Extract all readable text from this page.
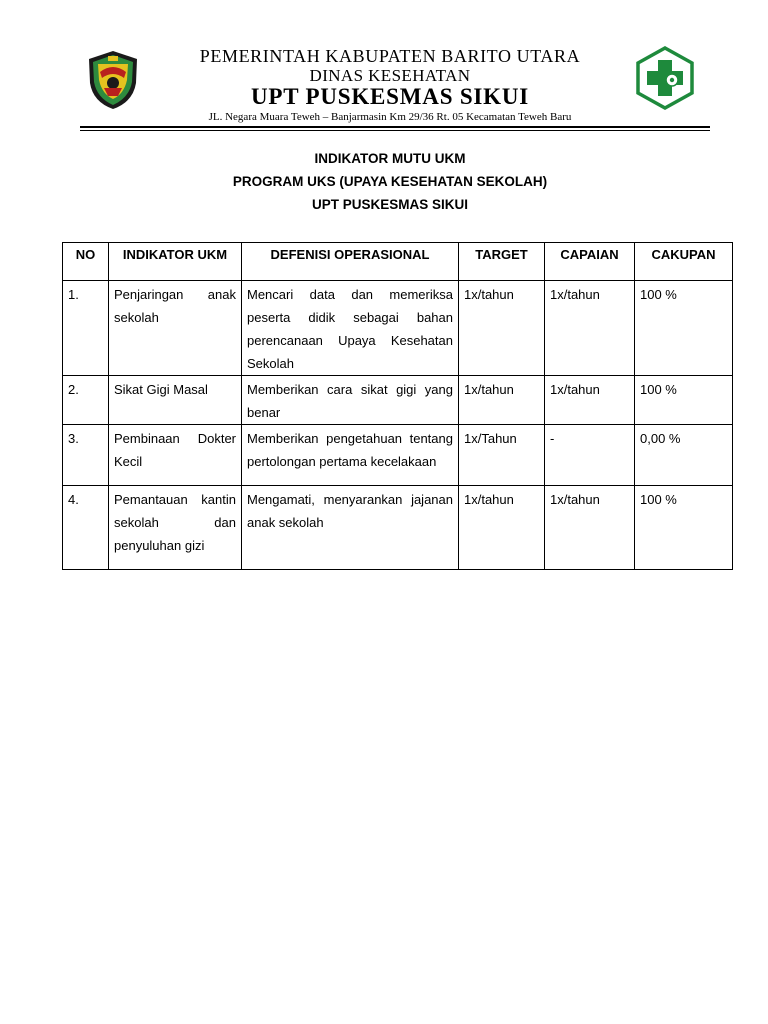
PEMERINTAH KABUPATEN BARITO UTARA
DINAS KESEHATAN
UPT PUSKESMAS SIKUI
JL. Negara Muara Teweh – Banjarmasin Km 29/36 Rt. 05 Kecamatan Teweh Baru
INDIKATOR MUTU UKM
PROGRAM UKS (UPAYA KESEHATAN SEKOLAH)
UPT PUSKESMAS SIKUI
NO	INDIKATOR UKM	DEFENISI OPERASIONAL	TARGET	CAPAIAN	CAKUPAN
1.	Penjaringan anak sekolah	Mencari data dan memeriksa peserta didik sebagai bahan perencanaan Upaya Kesehatan Sekolah	1x/tahun	1x/tahun	100 %
2.	Sikat Gigi Masal	Memberikan cara sikat gigi yang benar	1x/tahun	1x/tahun	100 %
3.	Pembinaan Dokter Kecil	Memberikan pengetahuan tentang pertolongan pertama kecelakaan	1x/Tahun	-	0,00 %
4.	Pemantauan kantin sekolah dan penyuluhan gizi	Mengamati, menyarankan jajanan anak sekolah	1x/tahun	1x/tahun	100 %
